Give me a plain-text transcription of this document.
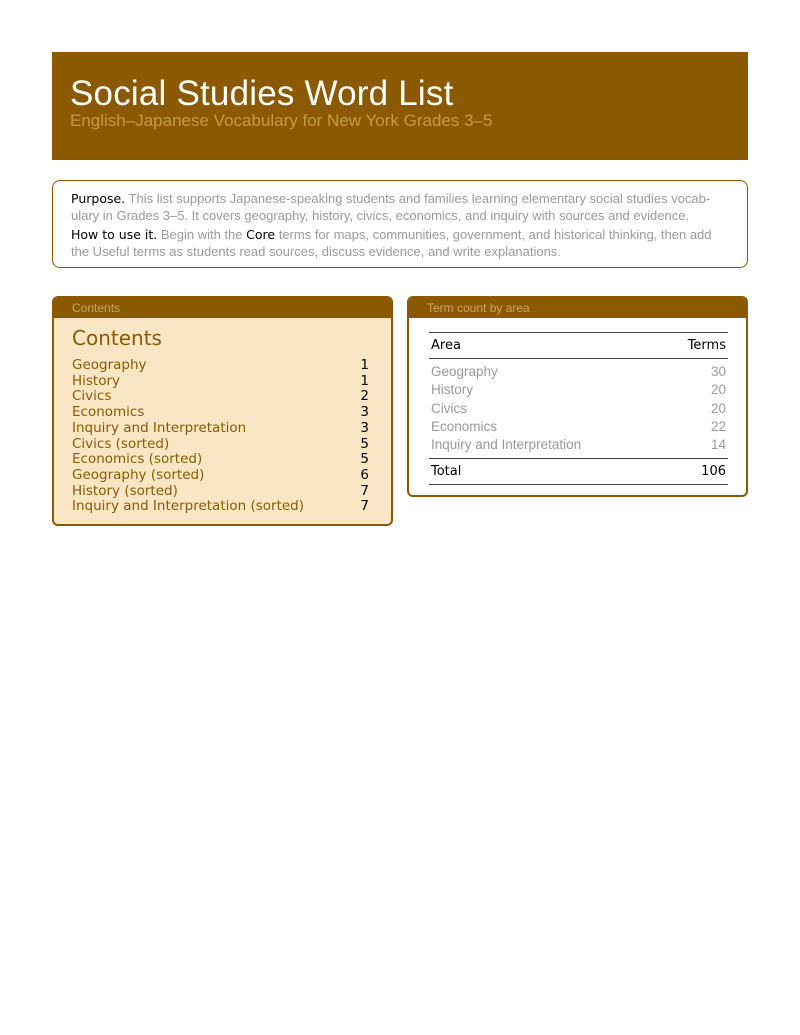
Social Studies Word List
English–Japanese Vocabulary for New York Grades 3–5

Purpose. This list supports Japanese-speaking students and families learning elementary social studies vocab-ulary in Grades 3–5. It covers geography, history, civics, economics, and inquiry with sources and evidence.

How to use it. Begin with the Core terms for maps, communities, government, and historical thinking, then add the Useful terms as students read sources, discuss evidence, and write explanations.

Contents
Contents
Geography	1
History	1
Civics	2
Economics	3
Inquiry and Interpretation	3
Civics (sorted)	5
Economics (sorted)	5
Geography (sorted)	6
History (sorted)	7
Inquiry and Interpretation (sorted)	7
Term count by area
Area	Terms
Geography	30
History	20
Civics	20
Economics	22
Inquiry and Interpretation	14
Total	106
